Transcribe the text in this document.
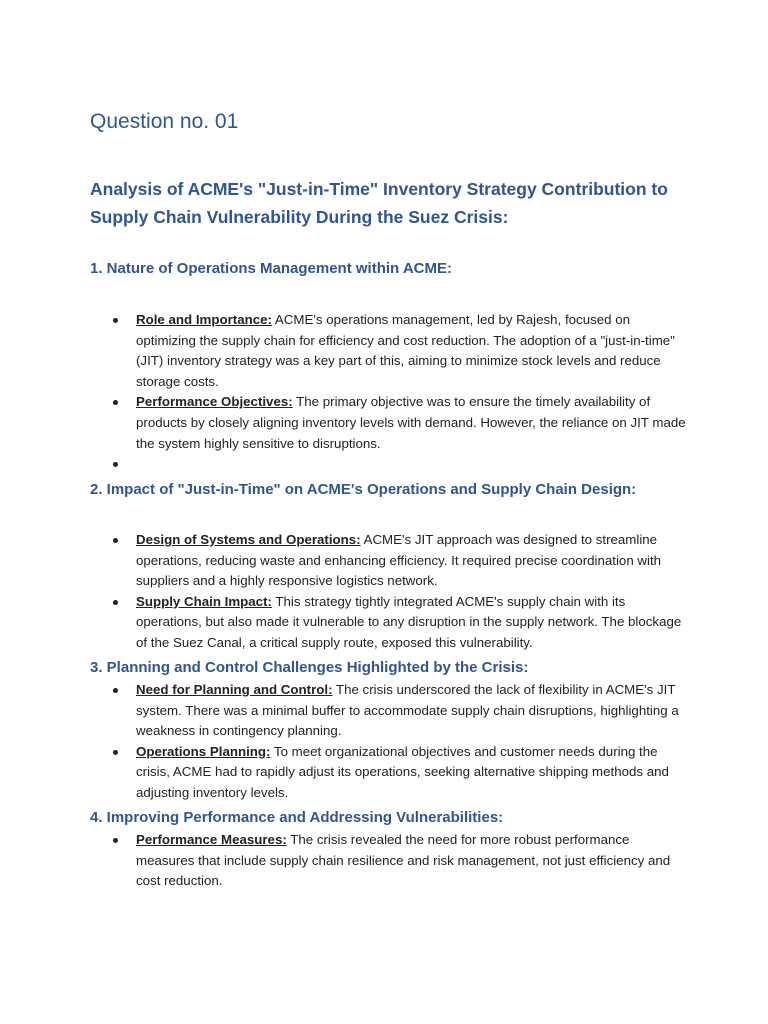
Question no. 01
Analysis of ACME's "Just-in-Time" Inventory Strategy Contribution to Supply Chain Vulnerability During the Suez Crisis:
1. Nature of Operations Management within ACME:
Role and Importance: ACME's operations management, led by Rajesh, focused on optimizing the supply chain for efficiency and cost reduction. The adoption of a "just-in-time" (JIT) inventory strategy was a key part of this, aiming to minimize stock levels and reduce storage costs.
Performance Objectives: The primary objective was to ensure the timely availability of products by closely aligning inventory levels with demand. However, the reliance on JIT made the system highly sensitive to disruptions.
2. Impact of "Just-in-Time" on ACME's Operations and Supply Chain Design:
Design of Systems and Operations: ACME's JIT approach was designed to streamline operations, reducing waste and enhancing efficiency. It required precise coordination with suppliers and a highly responsive logistics network.
Supply Chain Impact: This strategy tightly integrated ACME's supply chain with its operations, but also made it vulnerable to any disruption in the supply network. The blockage of the Suez Canal, a critical supply route, exposed this vulnerability.
3. Planning and Control Challenges Highlighted by the Crisis:
Need for Planning and Control: The crisis underscored the lack of flexibility in ACME's JIT system. There was a minimal buffer to accommodate supply chain disruptions, highlighting a weakness in contingency planning.
Operations Planning: To meet organizational objectives and customer needs during the crisis, ACME had to rapidly adjust its operations, seeking alternative shipping methods and adjusting inventory levels.
4. Improving Performance and Addressing Vulnerabilities:
Performance Measures: The crisis revealed the need for more robust performance measures that include supply chain resilience and risk management, not just efficiency and cost reduction.
